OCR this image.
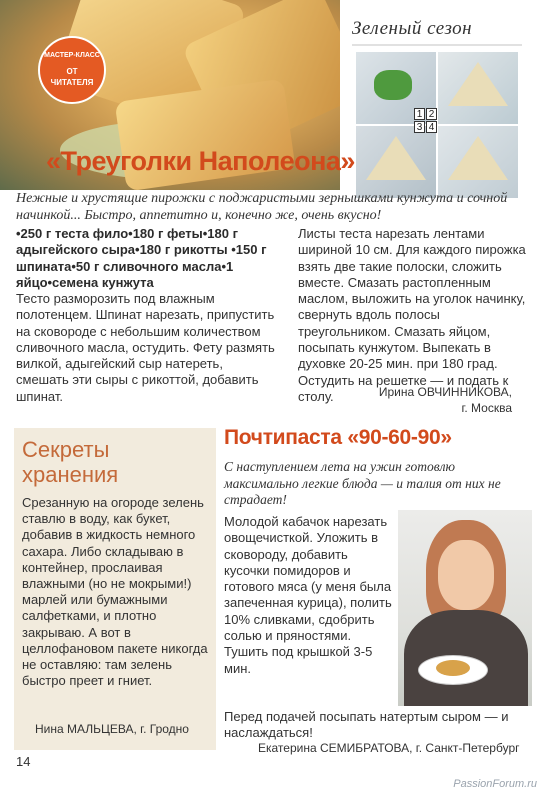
МАСТЕР-КЛАСС
ОТ
ЧИТАТЕЛЯ
Зеленый сезон
1 2
3 4
«Треуголки Наполеона»
Нежные и хрустящие пирожки с поджаристыми зернышками кунжута и сочной начинкой... Быстро, аппетитно и, конечно же, очень вкусно!
•250 г теста фило•180 г феты•180 г адыгейского сыра•180 г рикотты •150 г шпината•50 г сливочного масла•1 яйцо•семена кунжута
Тесто разморозить под влажным полотенцем. Шпинат нарезать, припустить на сковороде с небольшим количеством сливочного масла, остудить. Фету размять вилкой, адыгейский сыр натереть, смешать эти сыры с рикоттой, добавить шпинат.
Листы теста нарезать лентами шириной 10 см. Для каждого пирожка взять две такие полоски, сложить вместе. Смазать растопленным маслом, выложить на уголок начинку, свернуть вдоль полосы треугольником. Смазать яйцом, посыпать кунжутом. Выпекать в духовке 20-25 мин. при 180 град. Остудить на решетке — и подать к столу.	Ирина ОВЧИННИКОВА,
г. Москва
Секреты
хранения
Срезанную на огороде зелень ставлю в воду, как букет, добавив в жидкость немного сахара. Либо складываю в контейнер, прослаивая влажными (но не мокрыми!) марлей или бумажными салфетками, и плотно закрываю. А вот в целлофановом пакете никогда не оставляю: там зелень быстро преет и гниет.
Нина МАЛЬЦЕВА, г. Гродно
Почтипаста «90-60-90»
С наступлением лета на ужин готовлю максимально легкие блюда — и талия от них не страдает!
Молодой кабачок нарезать овощечисткой. Уложить в сковороду, добавить кусочки помидоров и готового мяса (у меня была запеченная курица), полить 10% сливками, сдобрить солью и пряностями. Тушить под крышкой 3-5 мин.
Перед подачей посыпать натертым сыром — и наслаждаться!
Екатерина СЕМИБРАТОВА, г. Санкт-Петербург
14
PassionForum.ru
